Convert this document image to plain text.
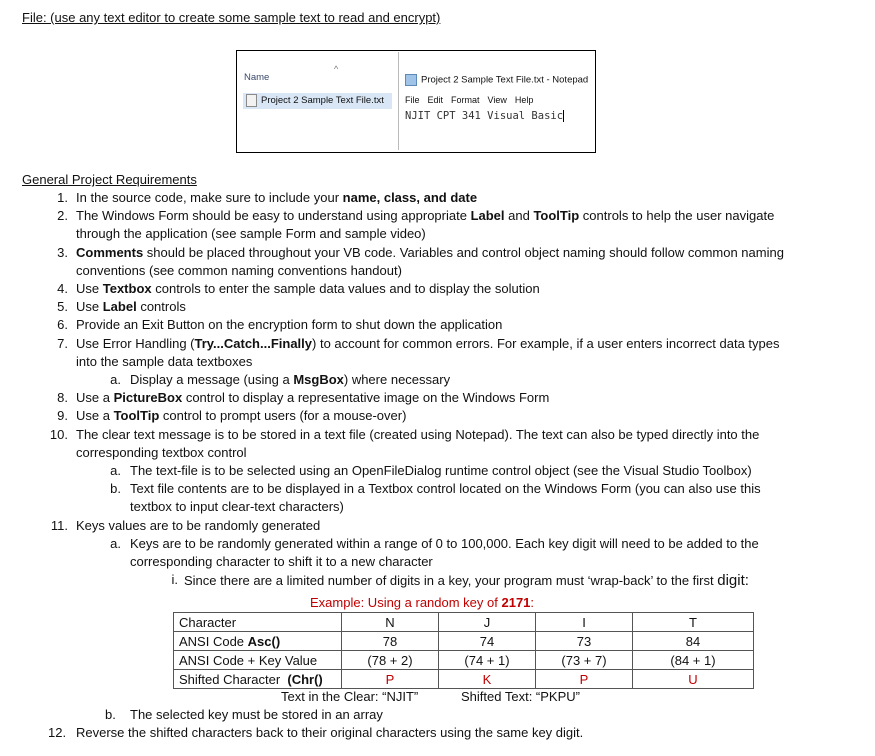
File: (use any text editor to create some sample text to read and encrypt)
^
Name
Project 2 Sample Text File.txt
Project 2 Sample Text File.txt - Notepad
File Edit Format View Help
NJIT CPT 341 Visual Basic
General Project Requirements
1. In the source code, make sure to include your name, class, and date
2. The Windows Form should be easy to understand using appropriate Label and ToolTip controls to help the user navigate
through the application (see sample Form and sample video)
3. Comments should be placed throughout your VB code. Variables and control object naming should follow common naming
conventions (see common naming conventions handout)
4. Use Textbox controls to enter the sample data values and to display the solution
5. Use Label controls
6. Provide an Exit Button on the encryption form to shut down the application
7. Use Error Handling (Try...Catch...Finally) to account for common errors. For example, if a user enters incorrect data types
into the sample data textboxes
a. Display a message (using a MsgBox) where necessary
8. Use a PictureBox control to display a representative image on the Windows Form
9. Use a ToolTip control to prompt users (for a mouse-over)
10. The clear text message is to be stored in a text file (created using Notepad). The text can also be typed directly into the
corresponding textbox control
a. The text-file is to be selected using an OpenFileDialog runtime control object (see the Visual Studio Toolbox)
b. Text file contents are to be displayed in a Textbox control located on the Windows Form (you can also use this
textbox to input clear-text characters)
11. Keys values are to be randomly generated
a. Keys are to be randomly generated within a range of 0 to 100,000. Each key digit will need to be added to the
corresponding character to shift it to a new character
i. Since there are a limited number of digits in a key, your program must ‘wrap-back’ to the first digit:
Example: Using a random key of 2171:
Character	N	J	I	T
ANSI Code Asc()	78	74	73	84
ANSI Code + Key Value	(78 + 2)	(74 + 1)	(73 + 7)	(84 + 1)
Shifted Character  (Chr()	P	K	P	U
Text in the Clear: “NJIT”	Shifted Text: “PKPU”
b. The selected key must be stored in an array
12. Reverse the shifted characters back to their original characters using the same key digit.
